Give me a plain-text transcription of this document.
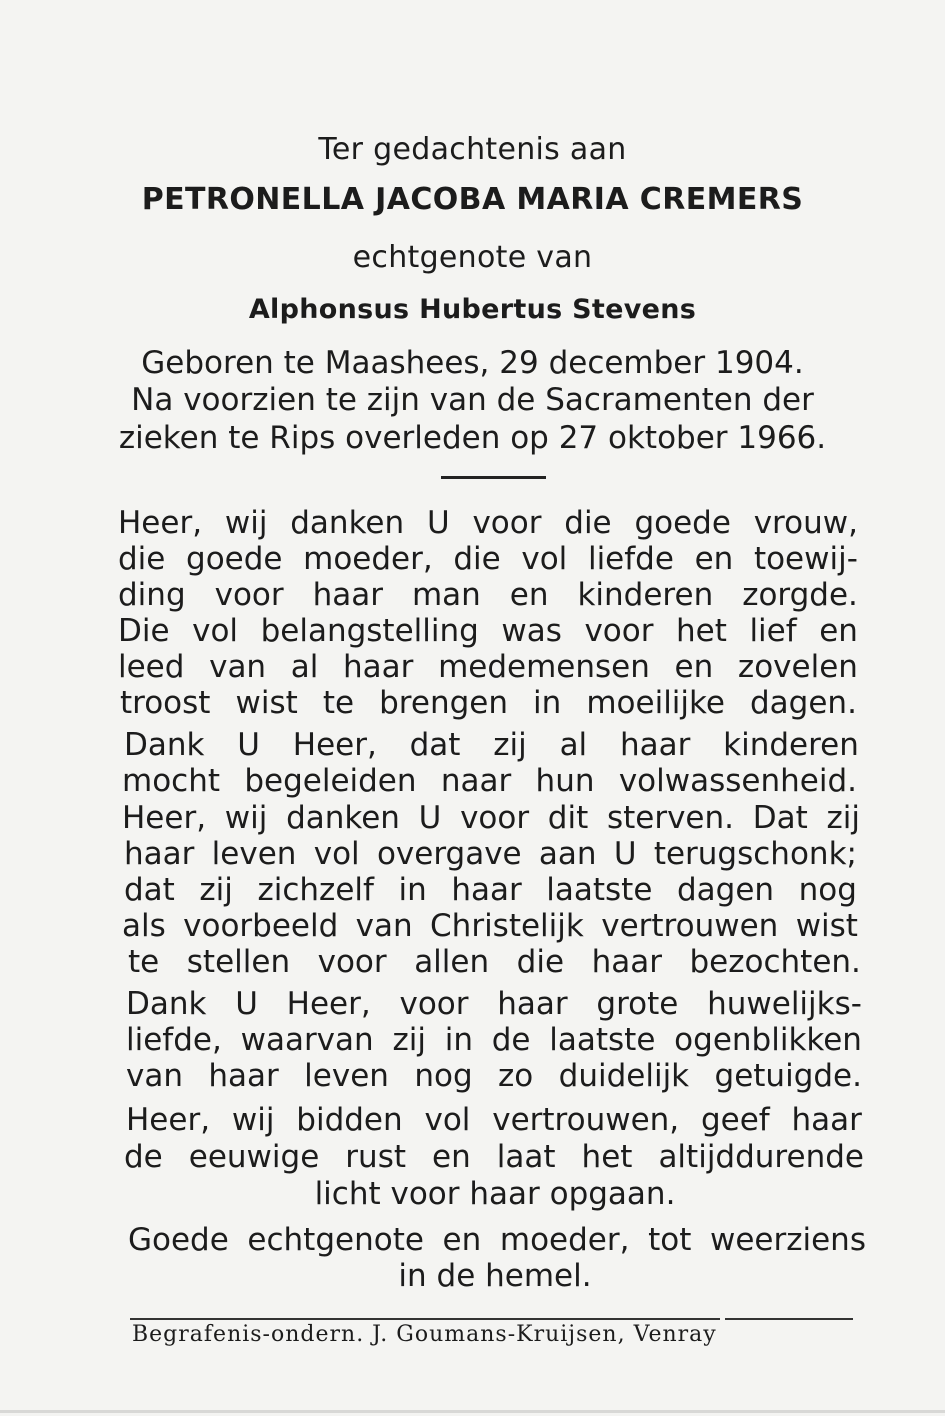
Ter gedachtenis aan
PETRONELLA JACOBA MARIA CREMERS
echtgenote van
Alphonsus Hubertus Stevens
Geboren te Maashees, 29 december 1904.
Na voorzien te zijn van de Sacramenten der
zieken te Rips overleden op 27 oktober 1966.
Heer, wij danken U voor die goede vrouw,
die goede moeder, die vol liefde en toewij-
ding voor haar man en kinderen zorgde.
Die vol belangstelling was voor het lief en
leed van al haar medemensen en zovelen
troost wist te brengen in moeilijke dagen.
Dank U Heer, dat zij al haar kinderen
mocht begeleiden naar hun volwassenheid.
Heer, wij danken U voor dit sterven. Dat zij
haar leven vol overgave aan U terugschonk;
dat zij zichzelf in haar laatste dagen nog
als voorbeeld van Christelijk vertrouwen wist
te stellen voor allen die haar bezochten.
Dank U Heer, voor haar grote huwelijks-
liefde, waarvan zij in de laatste ogenblikken
van haar leven nog zo duidelijk getuigde.
Heer, wij bidden vol vertrouwen, geef haar
de eeuwige rust en laat het altijddurende
licht voor haar opgaan.
Goede echtgenote en moeder, tot weerziens
in de hemel.
Begrafenis-ondern. J. Goumans-Kruijsen, Venray
